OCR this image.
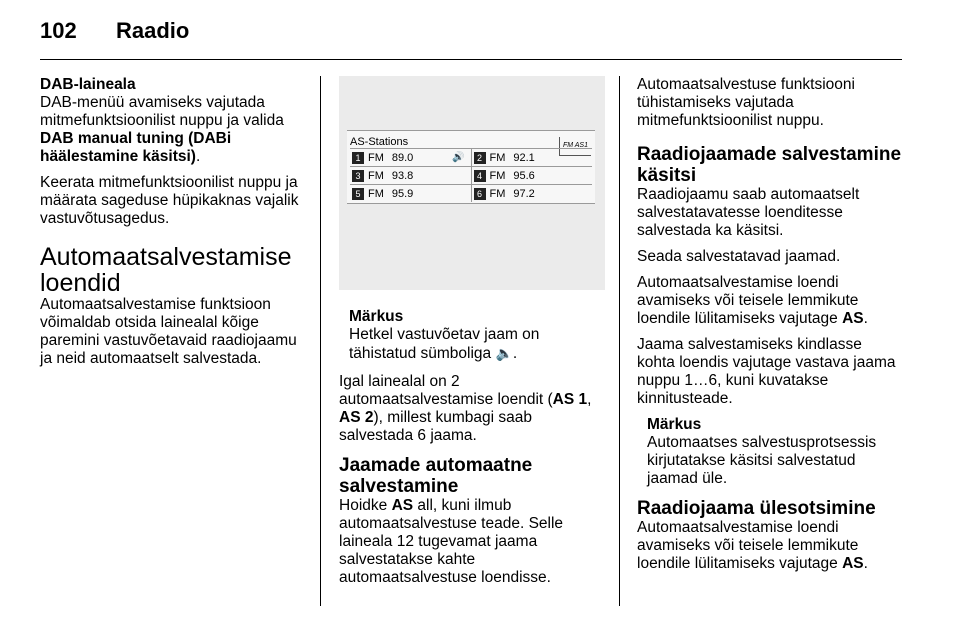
102 Raadio
DAB-laineala

DAB-menüü avamiseks vajutada mitmefunktsioonilist nuppu ja valida DAB manual tuning (DABi häälestamine käsitsi).

Keerata mitmefunktsioonilist nuppu ja määrata sageduse hüpikaknas vajalik vastuvõtusagedus.

Automaatsalvestamise loendid

Automaatsalvestamise funktsioon võimaldab otsida lainealal kõige paremini vastuvõetavaid raadiojaamu ja neid automaatselt salvestada.

AS-Stations	FM AS1
1 FM 89.0	🔊	2 FM 92.1
3 FM 93.8	4 FM 95.6
5 FM 95.9	6 FM 97.2
Märkus
Hetkel vastuvõetav jaam on tähistatud sümboliga 🔈.

Igal lainealal on 2 automaatsalvestamise loendit (AS 1, AS 2), millest kumbagi saab salvestada 6 jaama.

Jaamade automaatne salvestamine

Hoidke AS all, kuni ilmub automaatsalvestuse teade. Selle laineala 12 tugevamat jaama salvestatakse kahte automaatsalvestuse loendisse.

Automaatsalvestuse funktsiooni tühistamiseks vajutada mitmefunktsioonilist nuppu.

Raadiojaamade salvestamine käsitsi

Raadiojaamu saab automaatselt salvestatavatesse loenditesse salvestada ka käsitsi.

Seada salvestatavad jaamad.

Automaatsalvestamise loendi avamiseks või teisele lemmikute loendile lülitamiseks vajutage AS.

Jaama salvestamiseks kindlasse kohta loendis vajutage vastava jaama nuppu 1…6, kuni kuvatakse kinnitusteade.

Märkus
Automaatses salvestusprotsessis kirjutatakse käsitsi salvestatud jaamad üle.
Raadiojaama ülesotsimine

Automaatsalvestamise loendi avamiseks või teisele lemmikute loendile lülitamiseks vajutage AS.
